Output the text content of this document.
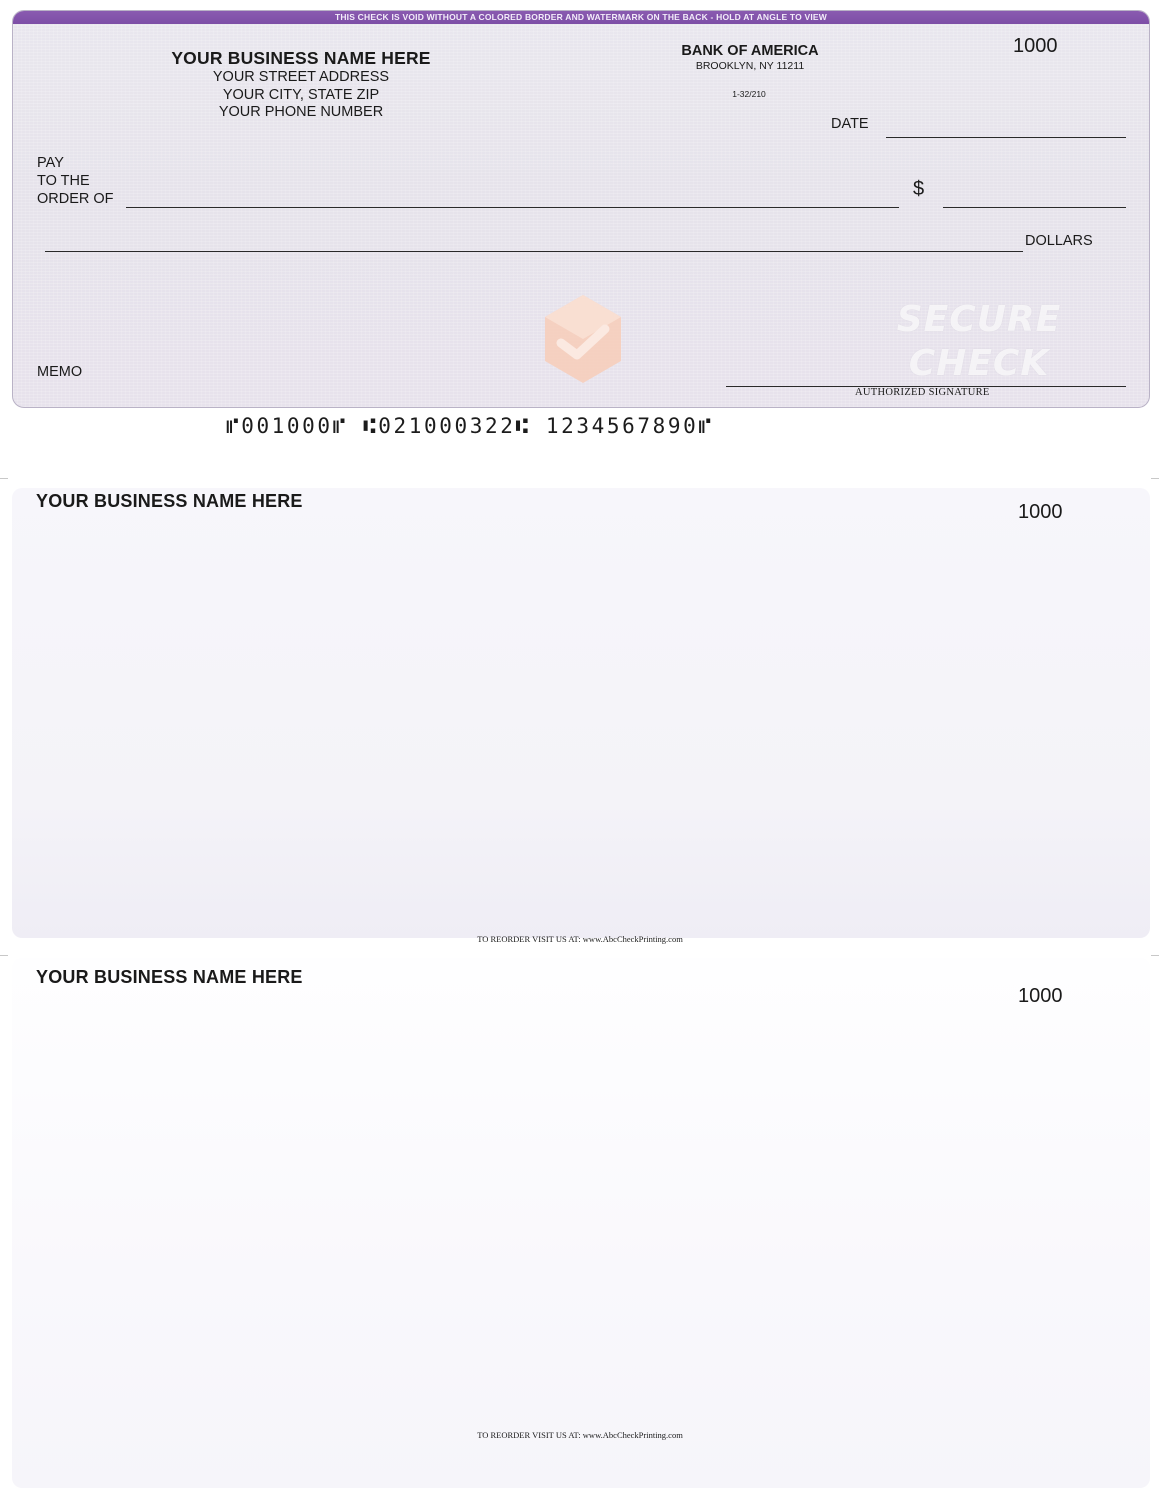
THIS CHECK IS VOID WITHOUT A COLORED BORDER AND WATERMARK ON THE BACK - HOLD AT ANGLE TO VIEW
SECURE
CHECK
YOUR BUSINESS NAME HERE
YOUR STREET ADDRESS
YOUR CITY, STATE ZIP
YOUR PHONE NUMBER
BANK OF AMERICA
BROOKLYN, NY 11211
1-32/210
1000
DATE
PAY
TO THE
ORDER OF	$
DOLLARS
MEMO
AUTHORIZED SIGNATURE
⑈001000⑈ ⑆021000322⑆ 1234567890⑈
YOUR BUSINESS NAME HERE	1000
TO REORDER VISIT US AT: www.AbcCheckPrinting.com
YOUR BUSINESS NAME HERE
1000
TO REORDER VISIT US AT: www.AbcCheckPrinting.com
